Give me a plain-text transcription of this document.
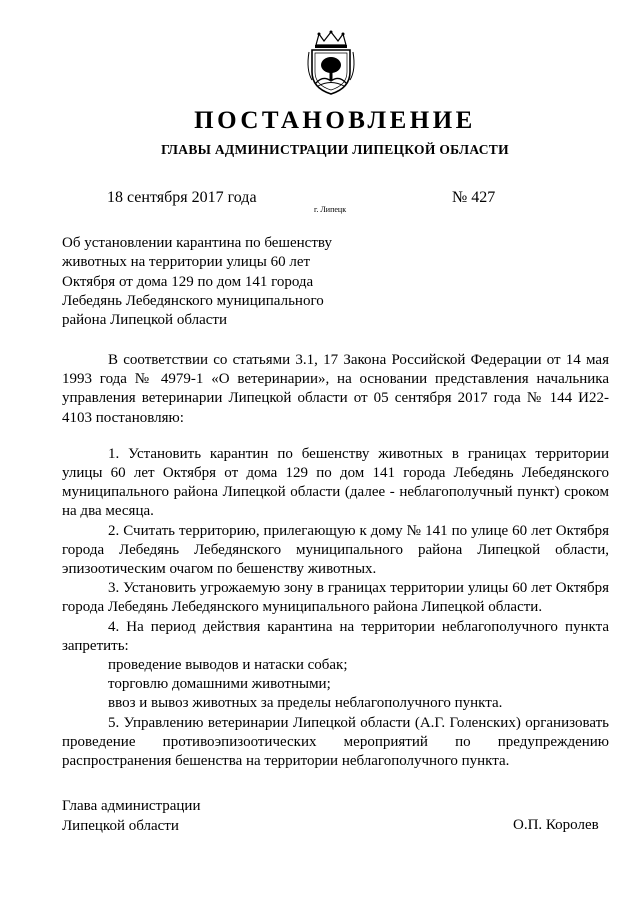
ПОСТАНОВЛЕНИЕ
ГЛАВЫ АДМИНИСТРАЦИИ ЛИПЕЦКОЙ ОБЛАСТИ
18 сентября 2017 года
г. Липецк
№ 427
Об установлении карантина по бешенству животных на территории улицы 60 лет Октября от дома 129 по дом 141 города Лебедянь Лебедянского муниципального района Липецкой области

В соответствии со статьями 3.1, 17 Закона Российской Федерации от 14 мая 1993 года № 4979-1 «О ветеринарии», на основании представления начальника управления ветеринарии Липецкой области от 05 сентября 2017 года № 144 И22-4103 постановляю:

1. Установить карантин по бешенству животных в границах территории улицы 60 лет Октября от дома 129 по дом 141 города Лебедянь Лебедянского муниципального района Липецкой области (далее - неблагополучный пункт) сроком на два месяца.

2. Считать территорию, прилегающую к дому № 141 по улице 60 лет Октября города Лебедянь Лебедянского муниципального района Липецкой области, эпизоотическим очагом по бешенству животных.

3. Установить угрожаемую зону в границах территории улицы 60 лет Октября города Лебедянь Лебедянского муниципального района Липецкой области.

4. На период действия карантина на территории неблагополучного пункта запретить:

проведение выводов и натаски собак;

торговлю домашними животными;

ввоз и вывоз животных за пределы неблагополучного пункта.

5. Управлению ветеринарии Липецкой области (А.Г. Голенских) организовать проведение противоэпизоотических мероприятий по предупреждению распространения бешенства на территории неблагополучного пункта.

Глава администрации
Липецкой области	О.П. Королев
